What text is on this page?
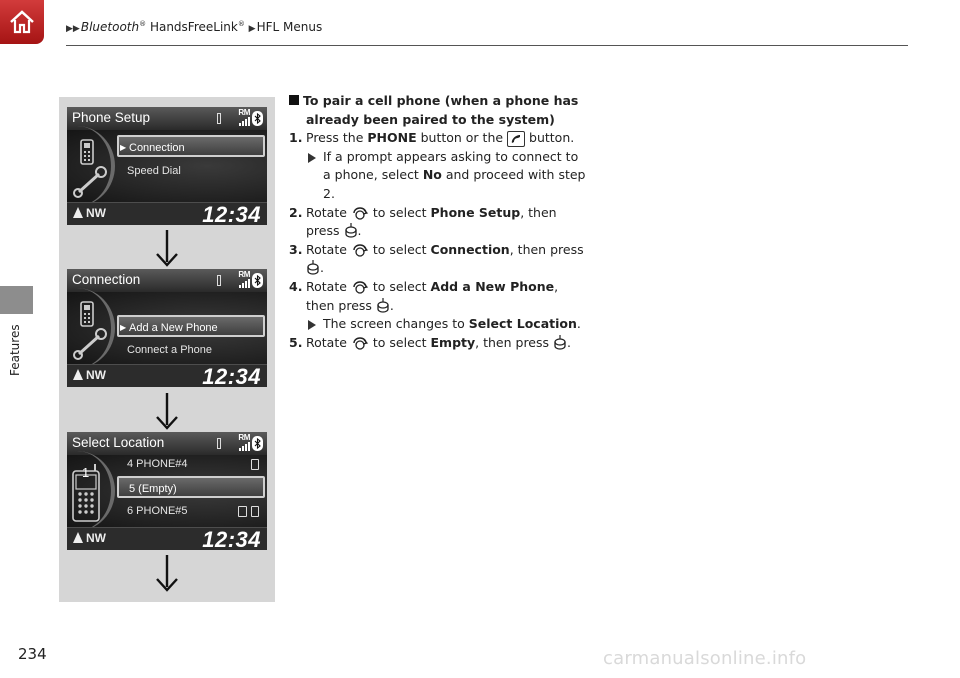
▶▶Bluetooth® HandsFreeLink® ▶HFL Menus
Features
Phone Setup	RM
▶ Connection
Speed Dial
NW	12:34
Connection	RM
▶ Add a New Phone
Connect a Phone
NW	12:34
Select Location	RM
1
4 PHONE#4
5 (Empty)
6 PHONE#5
NW	12:34
To pair a cell phone (when a phone has
already been paired to the system)
1. Press the PHONE button or the  button.
If a prompt appears asking to connect to a phone, select No and proceed with step 2.
2. Rotate  to select Phone Setup, then press .
3. Rotate  to select Connection, then press .
4. Rotate  to select Add a New Phone, then press .
The screen changes to Select Location.
5. Rotate  to select Empty, then press .
234	carmanualsonline.info
